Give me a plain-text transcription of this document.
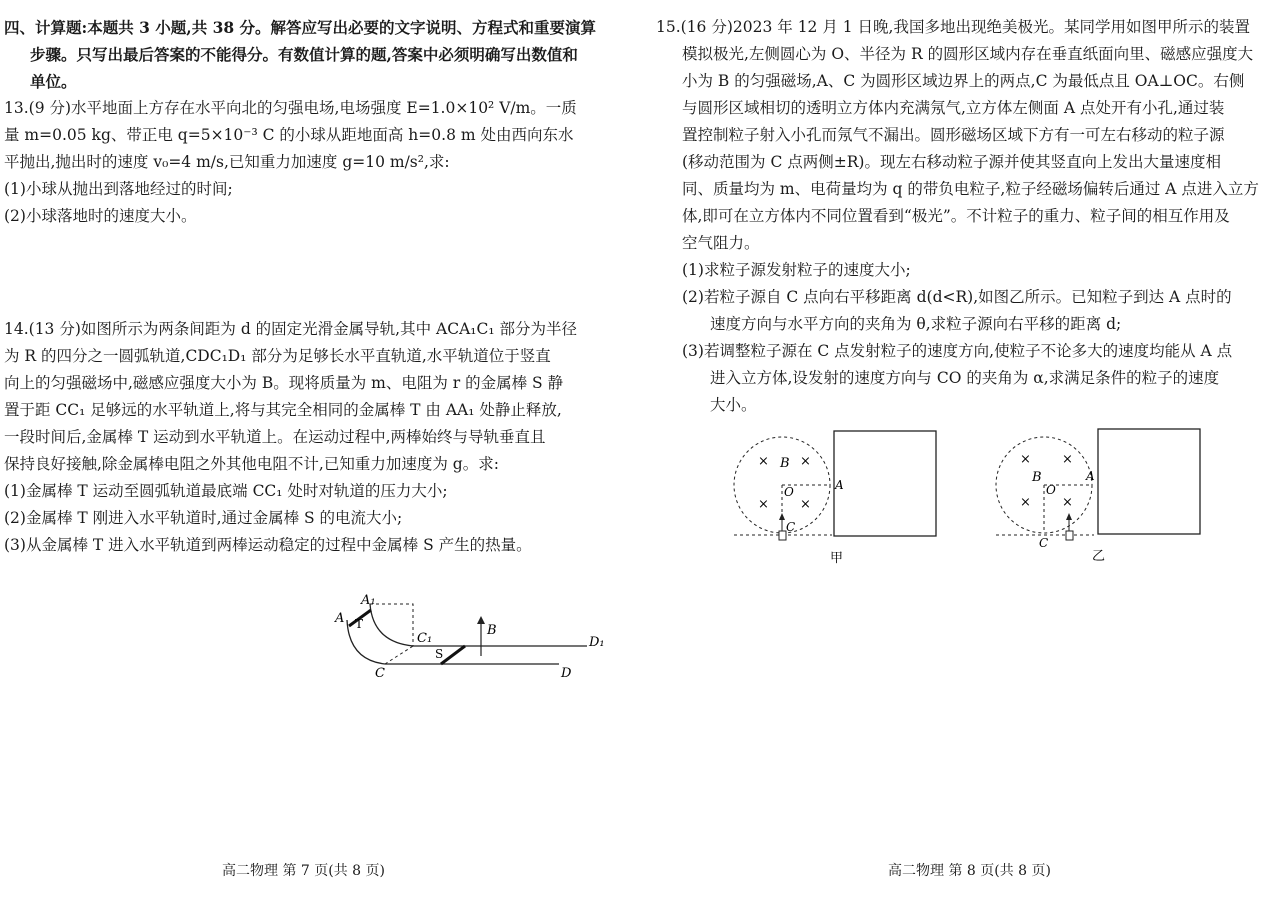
四、计算题:本题共 3 小题,共 38 分。解答应写出必要的文字说明、方程式和重要演算
步骤。只写出最后答案的不能得分。有数值计算的题,答案中必须明确写出数值和
单位。
13.(9 分)水平地面上方存在水平向北的匀强电场,电场强度 E=1.0×10² V/m。一质
量 m=0.05 kg、带正电 q=5×10⁻³ C 的小球从距地面高 h=0.8 m 处由西向东水
平抛出,抛出时的速度 v₀=4 m/s,已知重力加速度 g=10 m/s²,求:
(1)小球从抛出到落地经过的时间;
(2)小球落地时的速度大小。
14.(13 分)如图所示为两条间距为 d 的固定光滑金属导轨,其中 ACA₁C₁ 部分为半径
为 R 的四分之一圆弧轨道,CDC₁D₁ 部分为足够长水平直轨道,水平轨道位于竖直
向上的匀强磁场中,磁感应强度大小为 B。现将质量为 m、电阻为 r 的金属棒 S 静
置于距 CC₁ 足够远的水平轨道上,将与其完全相同的金属棒 T 由 AA₁ 处静止释放,
一段时间后,金属棒 T 运动到水平轨道上。在运动过程中,两棒始终与导轨垂直且
保持良好接触,除金属棒电阻之外其他电阻不计,已知重力加速度为 g。求:
(1)金属棒 T 运动至圆弧轨道最底端 CC₁ 处时对轨道的压力大小;
(2)金属棒 T 刚进入水平轨道时,通过金属棒 S 的电流大小;
(3)从金属棒 T 进入水平轨道到两棒运动稳定的过程中金属棒 S 产生的热量。
A
A₁
T
C₁
B
S
D₁
C	D
高二物理 第 7 页(共 8 页)
15.(16 分)2023 年 12 月 1 日晚,我国多地出现绝美极光。某同学用如图甲所示的装置
模拟极光,左侧圆心为 O、半径为 R 的圆形区域内存在垂直纸面向里、磁感应强度大
小为 B 的匀强磁场,A、C 为圆形区域边界上的两点,C 为最低点且 OA⊥OC。右侧
与圆形区域相切的透明立方体内充满氖气,立方体左侧面 A 点处开有小孔,通过装
置控制粒子射入小孔而氖气不漏出。圆形磁场区域下方有一可左右移动的粒子源
(移动范围为 C 点两侧±R)。现左右移动粒子源并使其竖直向上发出大量速度相
同、质量均为 m、电荷量均为 q 的带负电粒子,粒子经磁场偏转后通过 A 点进入立方
体,即可在立方体内不同位置看到“极光”。不计粒子的重力、粒子间的相互作用及
空气阻力。
(1)求粒子源发射粒子的速度大小;
(2)若粒子源自 C 点向右平移距离 d(d<R),如图乙所示。已知粒子到达 A 点时的
速度方向与水平方向的夹角为 θ,求粒子源向右平移的距离 d;
(3)若调整粒子源在 C 点发射粒子的速度方向,使粒子不论多大的速度均能从 A 点
进入立方体,设发射的速度方向与 CO 的夹角为 α,求满足条件的粒子的速度
大小。
× ×
× ×
B
O	A
C
甲
× ×
× ×
B
O
A
C
乙
高二物理 第 8 页(共 8 页)
